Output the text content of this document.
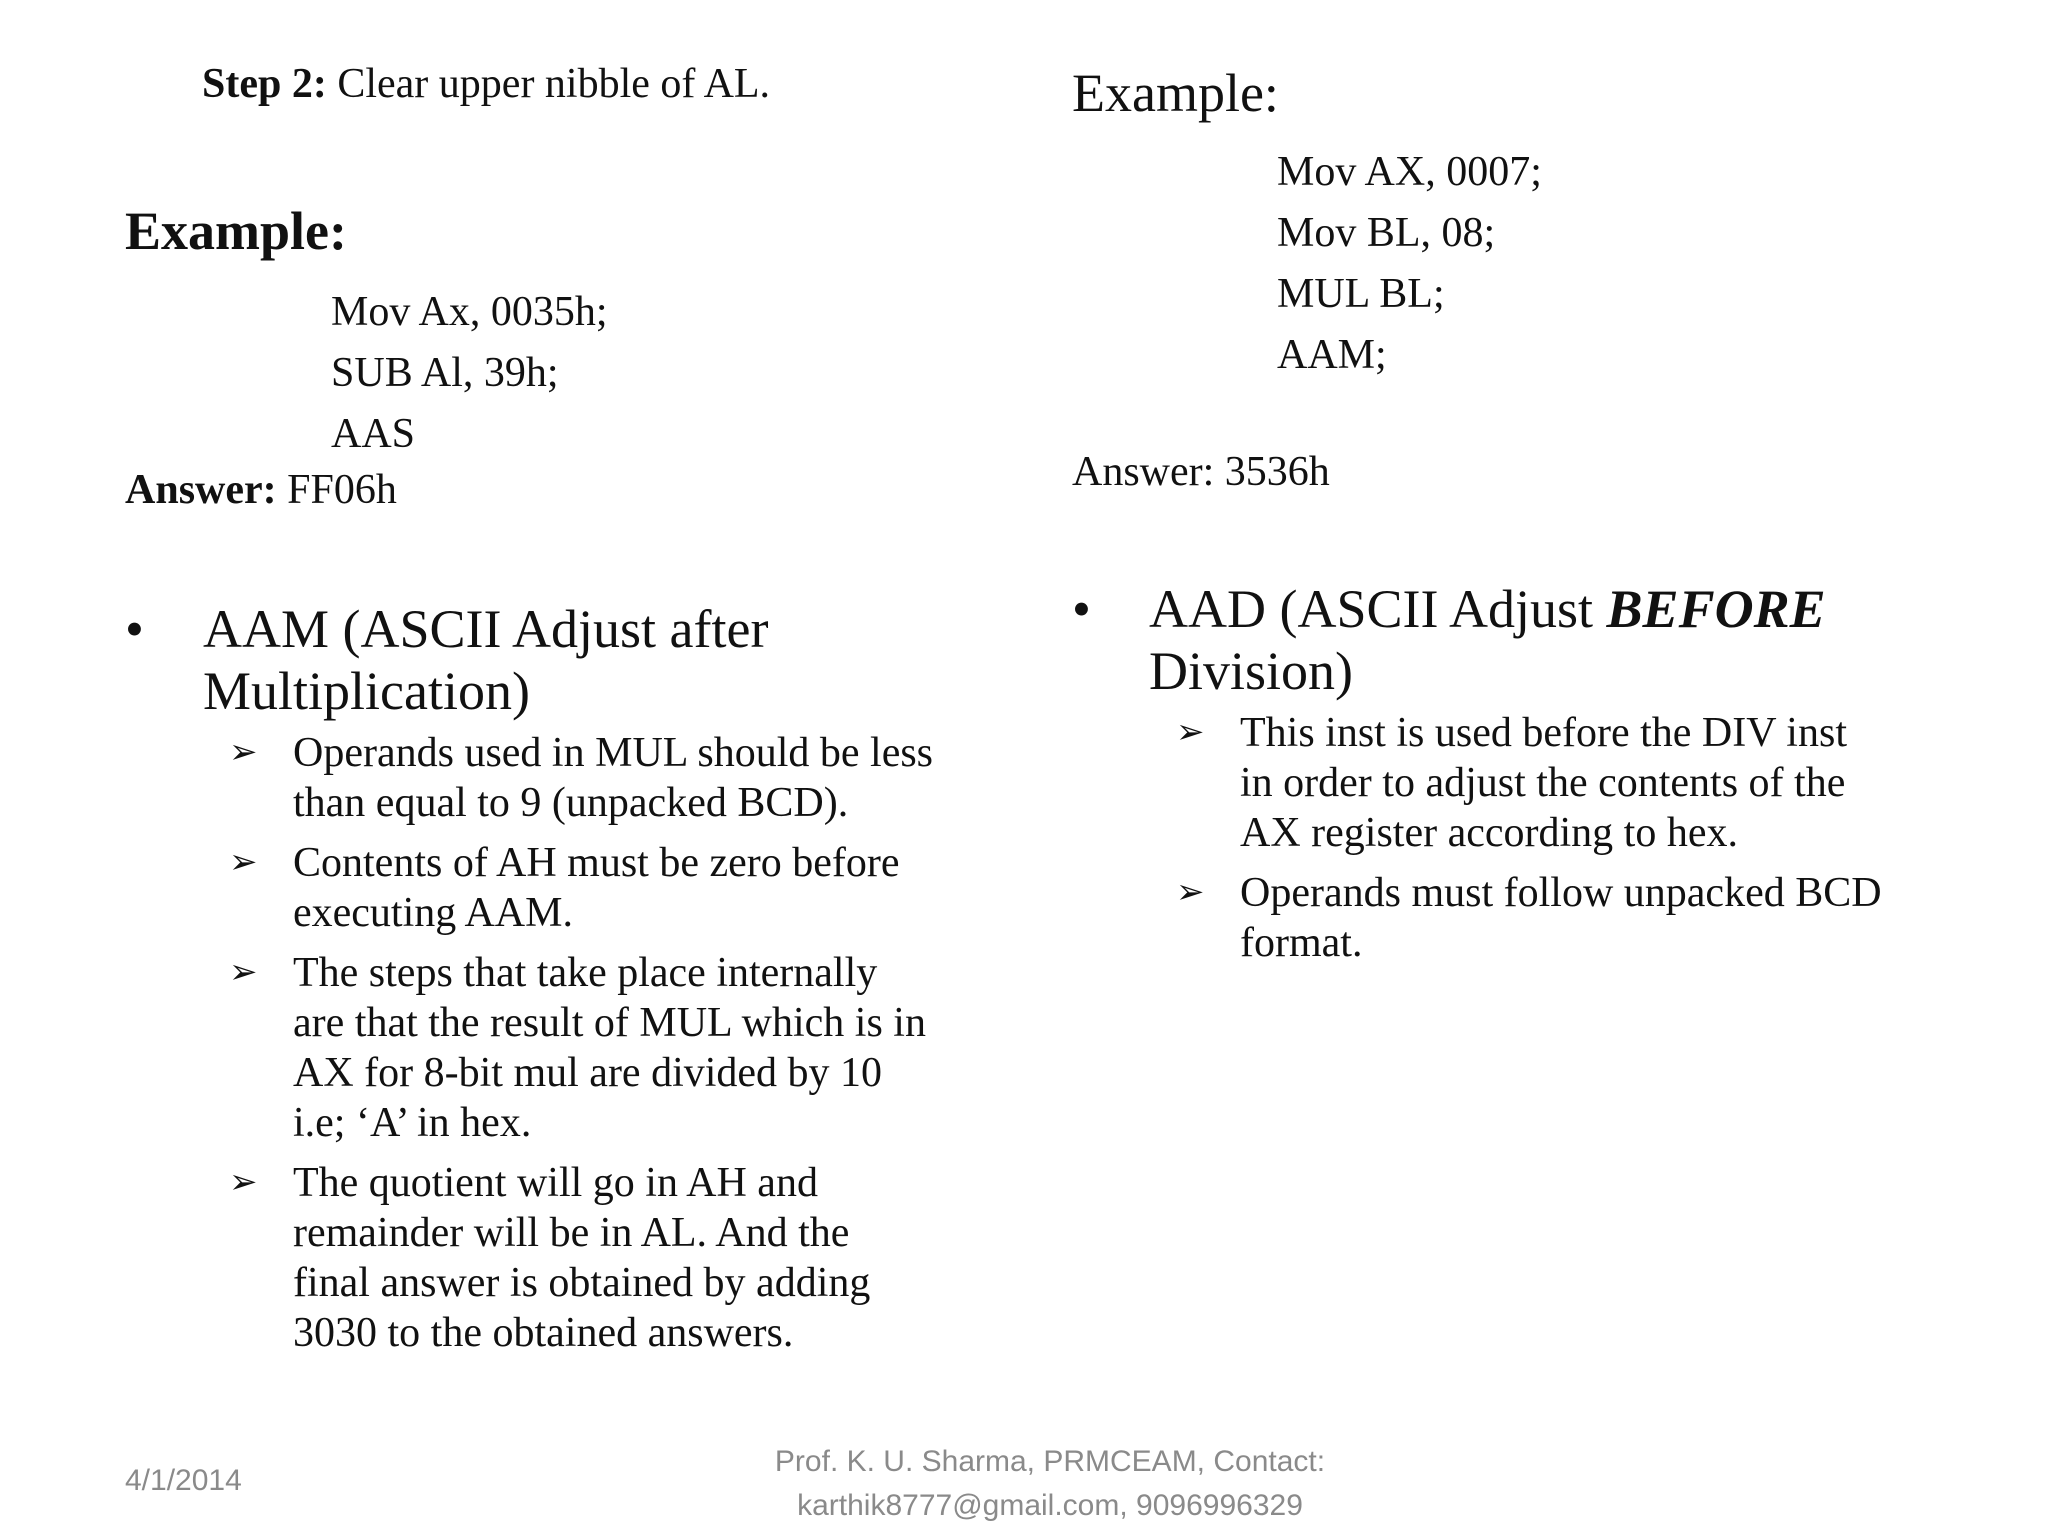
Step 2: Clear upper nibble of AL.
Example:
Mov Ax, 0035h;
SUB Al, 39h;
AAS
Answer: FF06h
• AAM (ASCII Adjust after
Multiplication)
➢ Operands used in MUL should be less
than equal to 9 (unpacked BCD).
➢ Contents of AH must be zero before
executing AAM.
➢ The steps that take place internally
are that the result of MUL which is in
AX for 8-bit mul are divided by 10
i.e; ‘A’ in hex.
➢ The quotient will go in AH and
remainder will be in AL. And the
final answer is obtained by adding
3030 to the obtained answers.
Example:
Mov AX, 0007;
Mov BL, 08;
MUL BL;
AAM;
Answer: 3536h
• AAD (ASCII Adjust BEFORE
Division)
➢ This inst is used before the DIV inst
in order to adjust the contents of the
AX register according to hex.
➢ Operands must follow unpacked BCD
format.
4/1/2014
Prof. K. U. Sharma, PRMCEAM, Contact:
karthik8777@gmail.com, 9096996329
